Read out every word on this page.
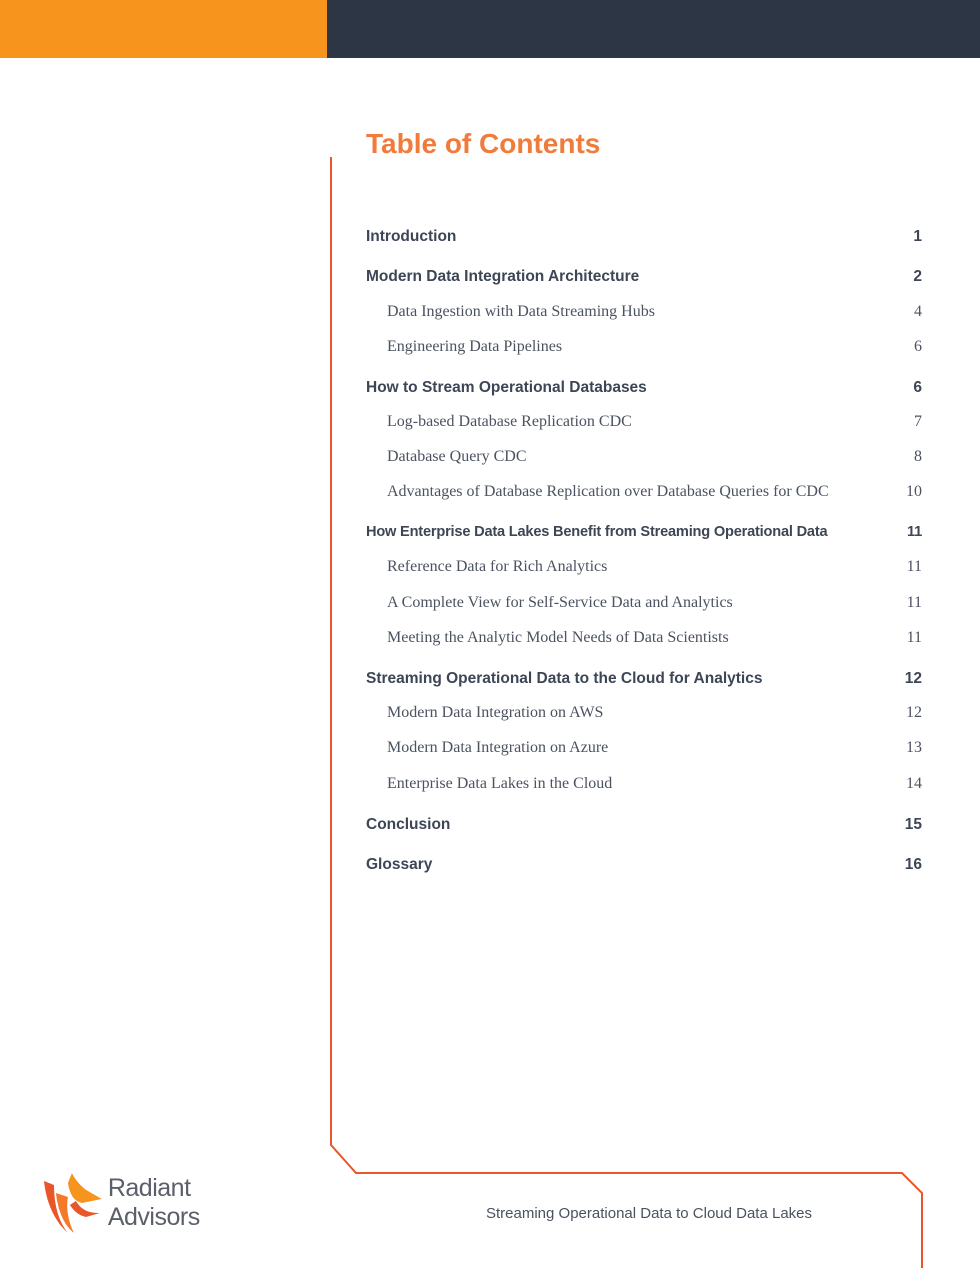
Table of Contents
Introduction	1
Modern Data Integration Architecture	2
Data Ingestion with Data Streaming Hubs	4
Engineering Data Pipelines	6
How to Stream Operational Databases	6
Log-based Database Replication CDC	7
Database Query CDC	8
Advantages of Database Replication over Database Queries for CDC	10
How Enterprise Data Lakes Benefit from Streaming Operational Data	11
Reference Data for Rich Analytics	11
A Complete View for Self-Service Data and Analytics	11
Meeting the Analytic Model Needs of Data Scientists	11
Streaming Operational Data to the Cloud for Analytics	12
Modern Data Integration on AWS	12
Modern Data Integration on Azure	13
Enterprise Data Lakes in the Cloud	14
Conclusion	15
Glossary	16
Radiant Advisors	Streaming Operational Data to Cloud Data Lakes
